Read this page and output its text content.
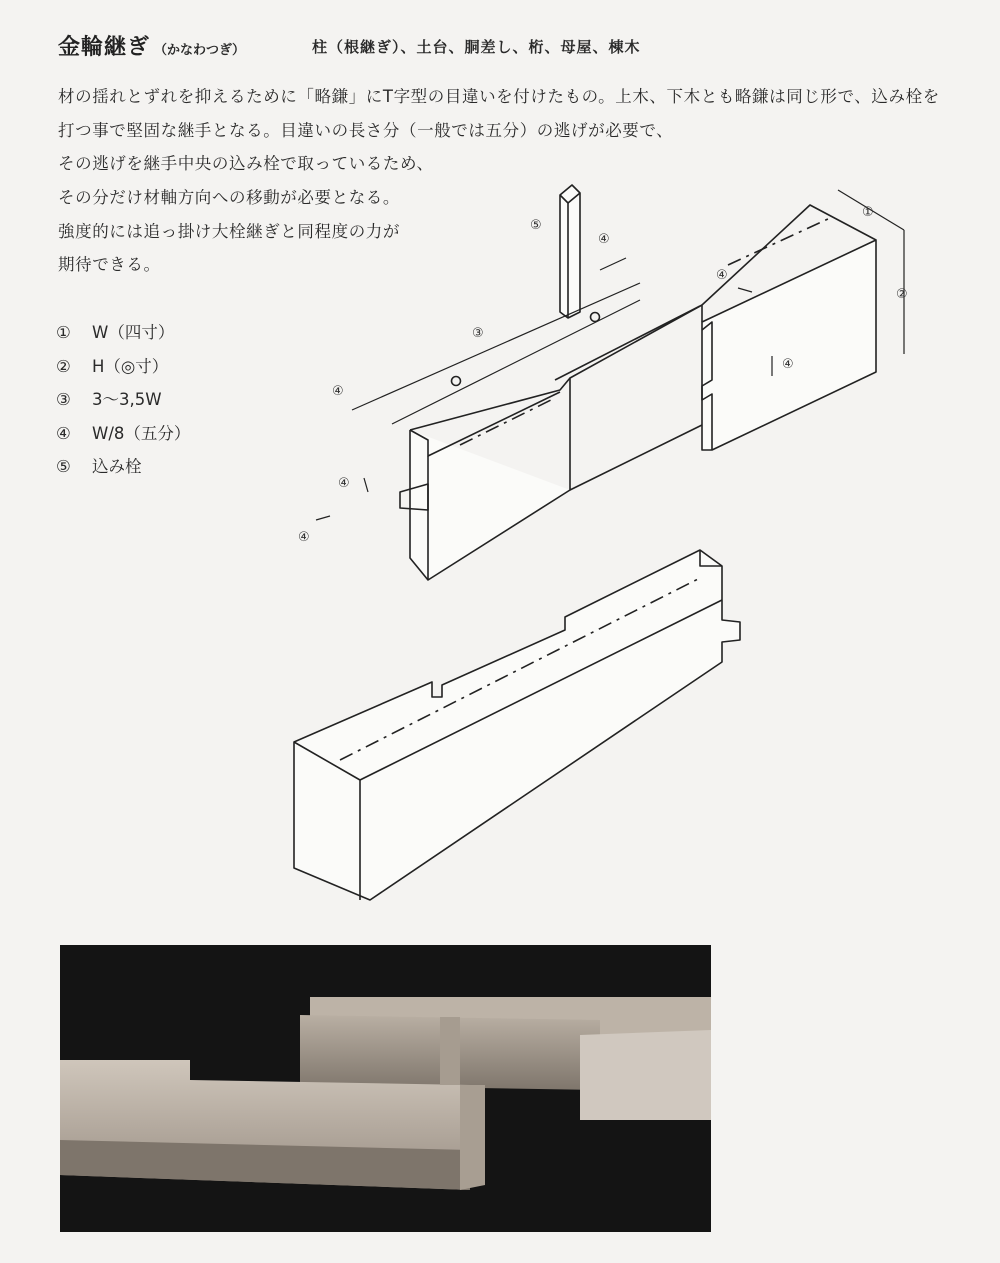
金輪継ぎ （かなわつぎ）	柱（根継ぎ）、土台、胴差し、桁、母屋、棟木
材の揺れとずれを抑えるために「略鎌」にT字型の目違いを付けたもの。上木、下木とも略鎌は同じ形で、込み栓を
打つ事で堅固な継手となる。目違いの長さ分（一般では五分）の逃げが必要で、
その逃げを継手中央の込み栓で取っているため、
その分だけ材軸方向への移動が必要となる。
強度的には追っ掛け大栓継ぎと同程度の力が
期待できる。
① W（四寸）
② H（◎寸）
③ 3〜3,5W
④ W/8（五分）
⑤ 込み栓
①
②
③
④
④
④
④
④
④
⑤
